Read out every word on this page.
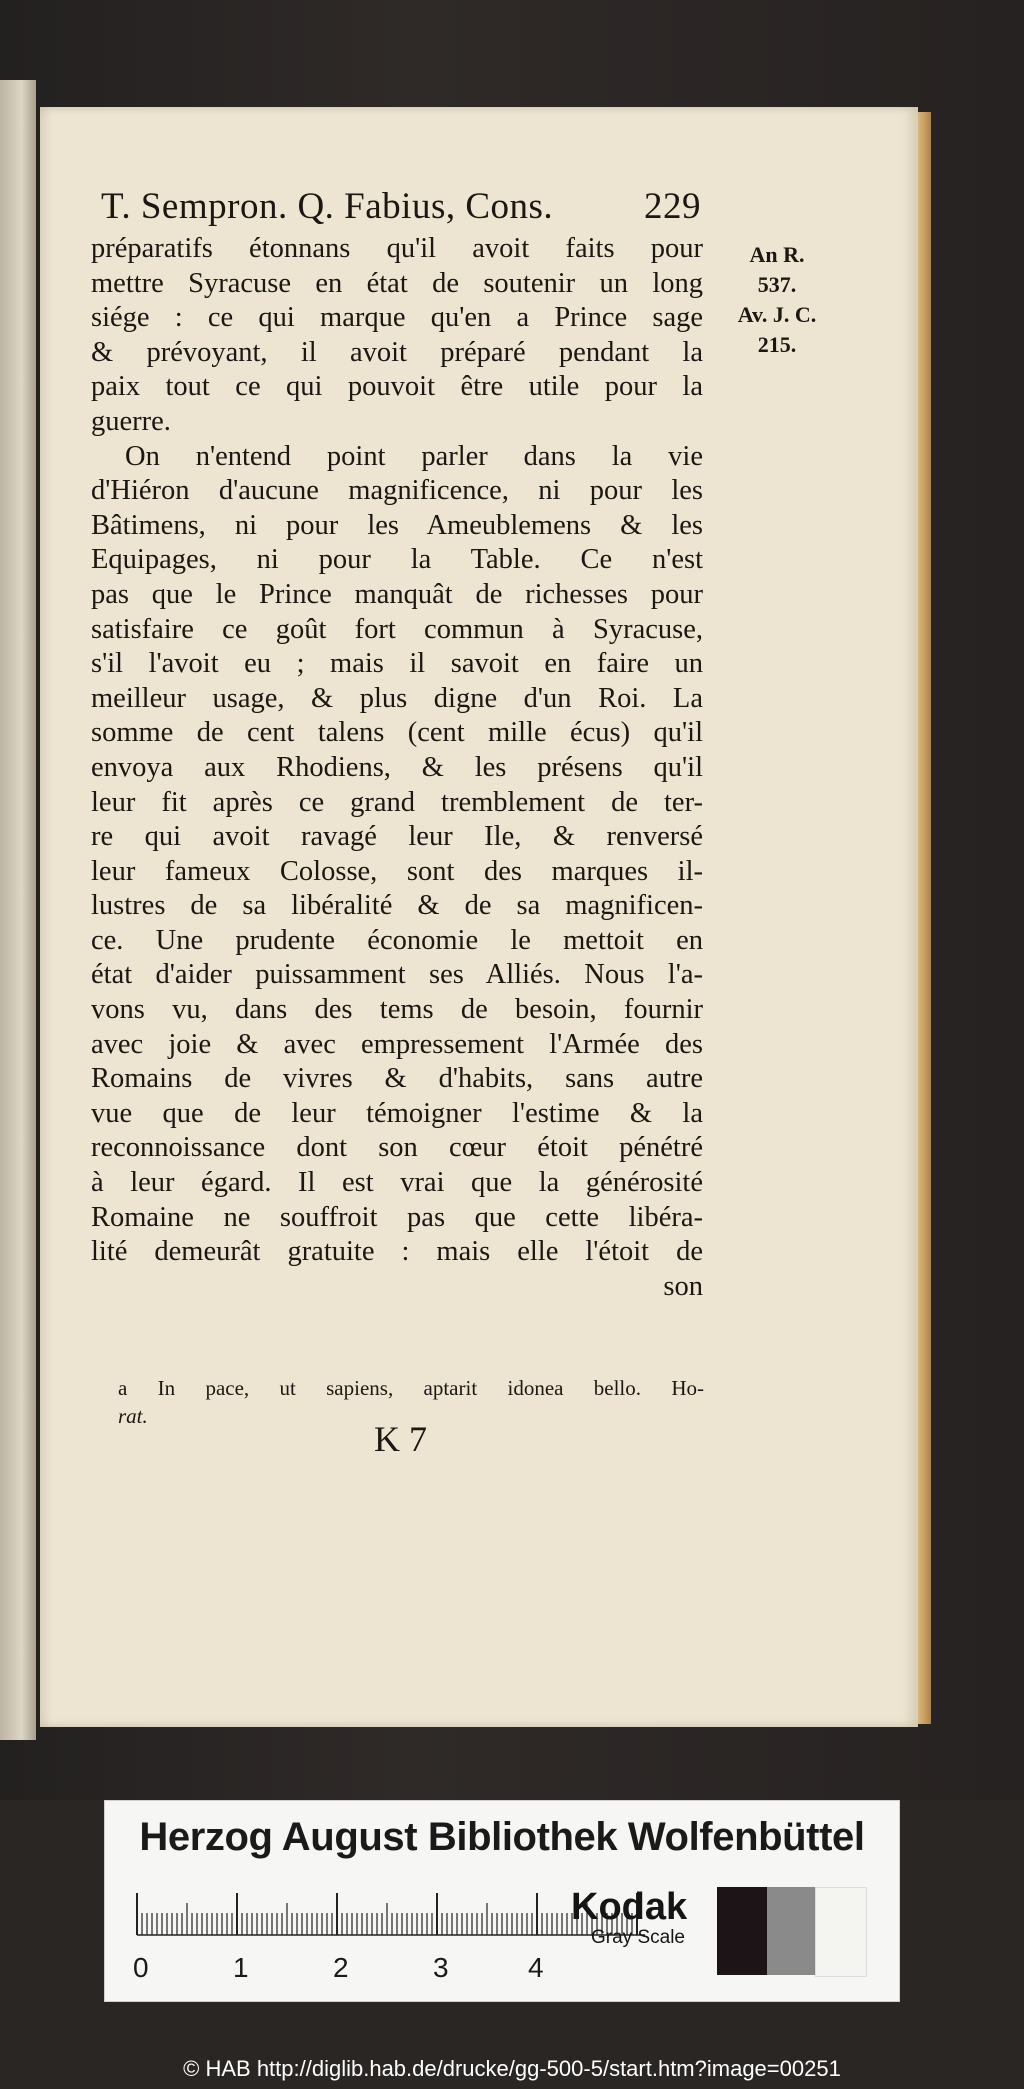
T. Sempron. Q. Fabius, Cons. 229
An R.
537.
Av. J. C.
215.
préparatifs étonnans qu'il avoit faits pour
mettre Syracuse en état de soutenir un long
siége : ce qui marque qu'en a Prince sage
& prévoyant, il avoit préparé pendant la
paix tout ce qui pouvoit être utile pour la
guerre.
On n'entend point parler dans la vie
d'Hiéron d'aucune magnificence, ni pour les
Bâtimens, ni pour les Ameublemens & les
Equipages, ni pour la Table. Ce n'est
pas que le Prince manquât de richesses pour
satisfaire ce goût fort commun à Syracuse,
s'il l'avoit eu ; mais il savoit en faire un
meilleur usage, & plus digne d'un Roi. La
somme de cent talens (cent mille écus) qu'il
envoya aux Rhodiens, & les présens qu'il
leur fit après ce grand tremblement de ter-
re qui avoit ravagé leur Ile, & renversé
leur fameux Colosse, sont des marques il-
lustres de sa libéralité & de sa magnificen-
ce. Une prudente économie le mettoit en
état d'aider puissamment ses Alliés. Nous l'a-
vons vu, dans des tems de besoin, fournir
avec joie & avec empressement l'Armée des
Romains de vivres & d'habits, sans autre
vue que de leur témoigner l'estime & la
reconnoissance dont son cœur étoit pénétré
à leur égard. Il est vrai que la générosité
Romaine ne souffroit pas que cette libéra-
lité demeurât gratuite : mais elle l'étoit de
son
a In pace, ut sapiens, aptarit idonea bello. Ho-
rat.
K 7
Herzog August Bibliothek Wolfenbüttel
0	1	2	3	4
Kodak
Gray Scale
© HAB http://diglib.hab.de/drucke/gg-500-5/start.htm?image=00251
